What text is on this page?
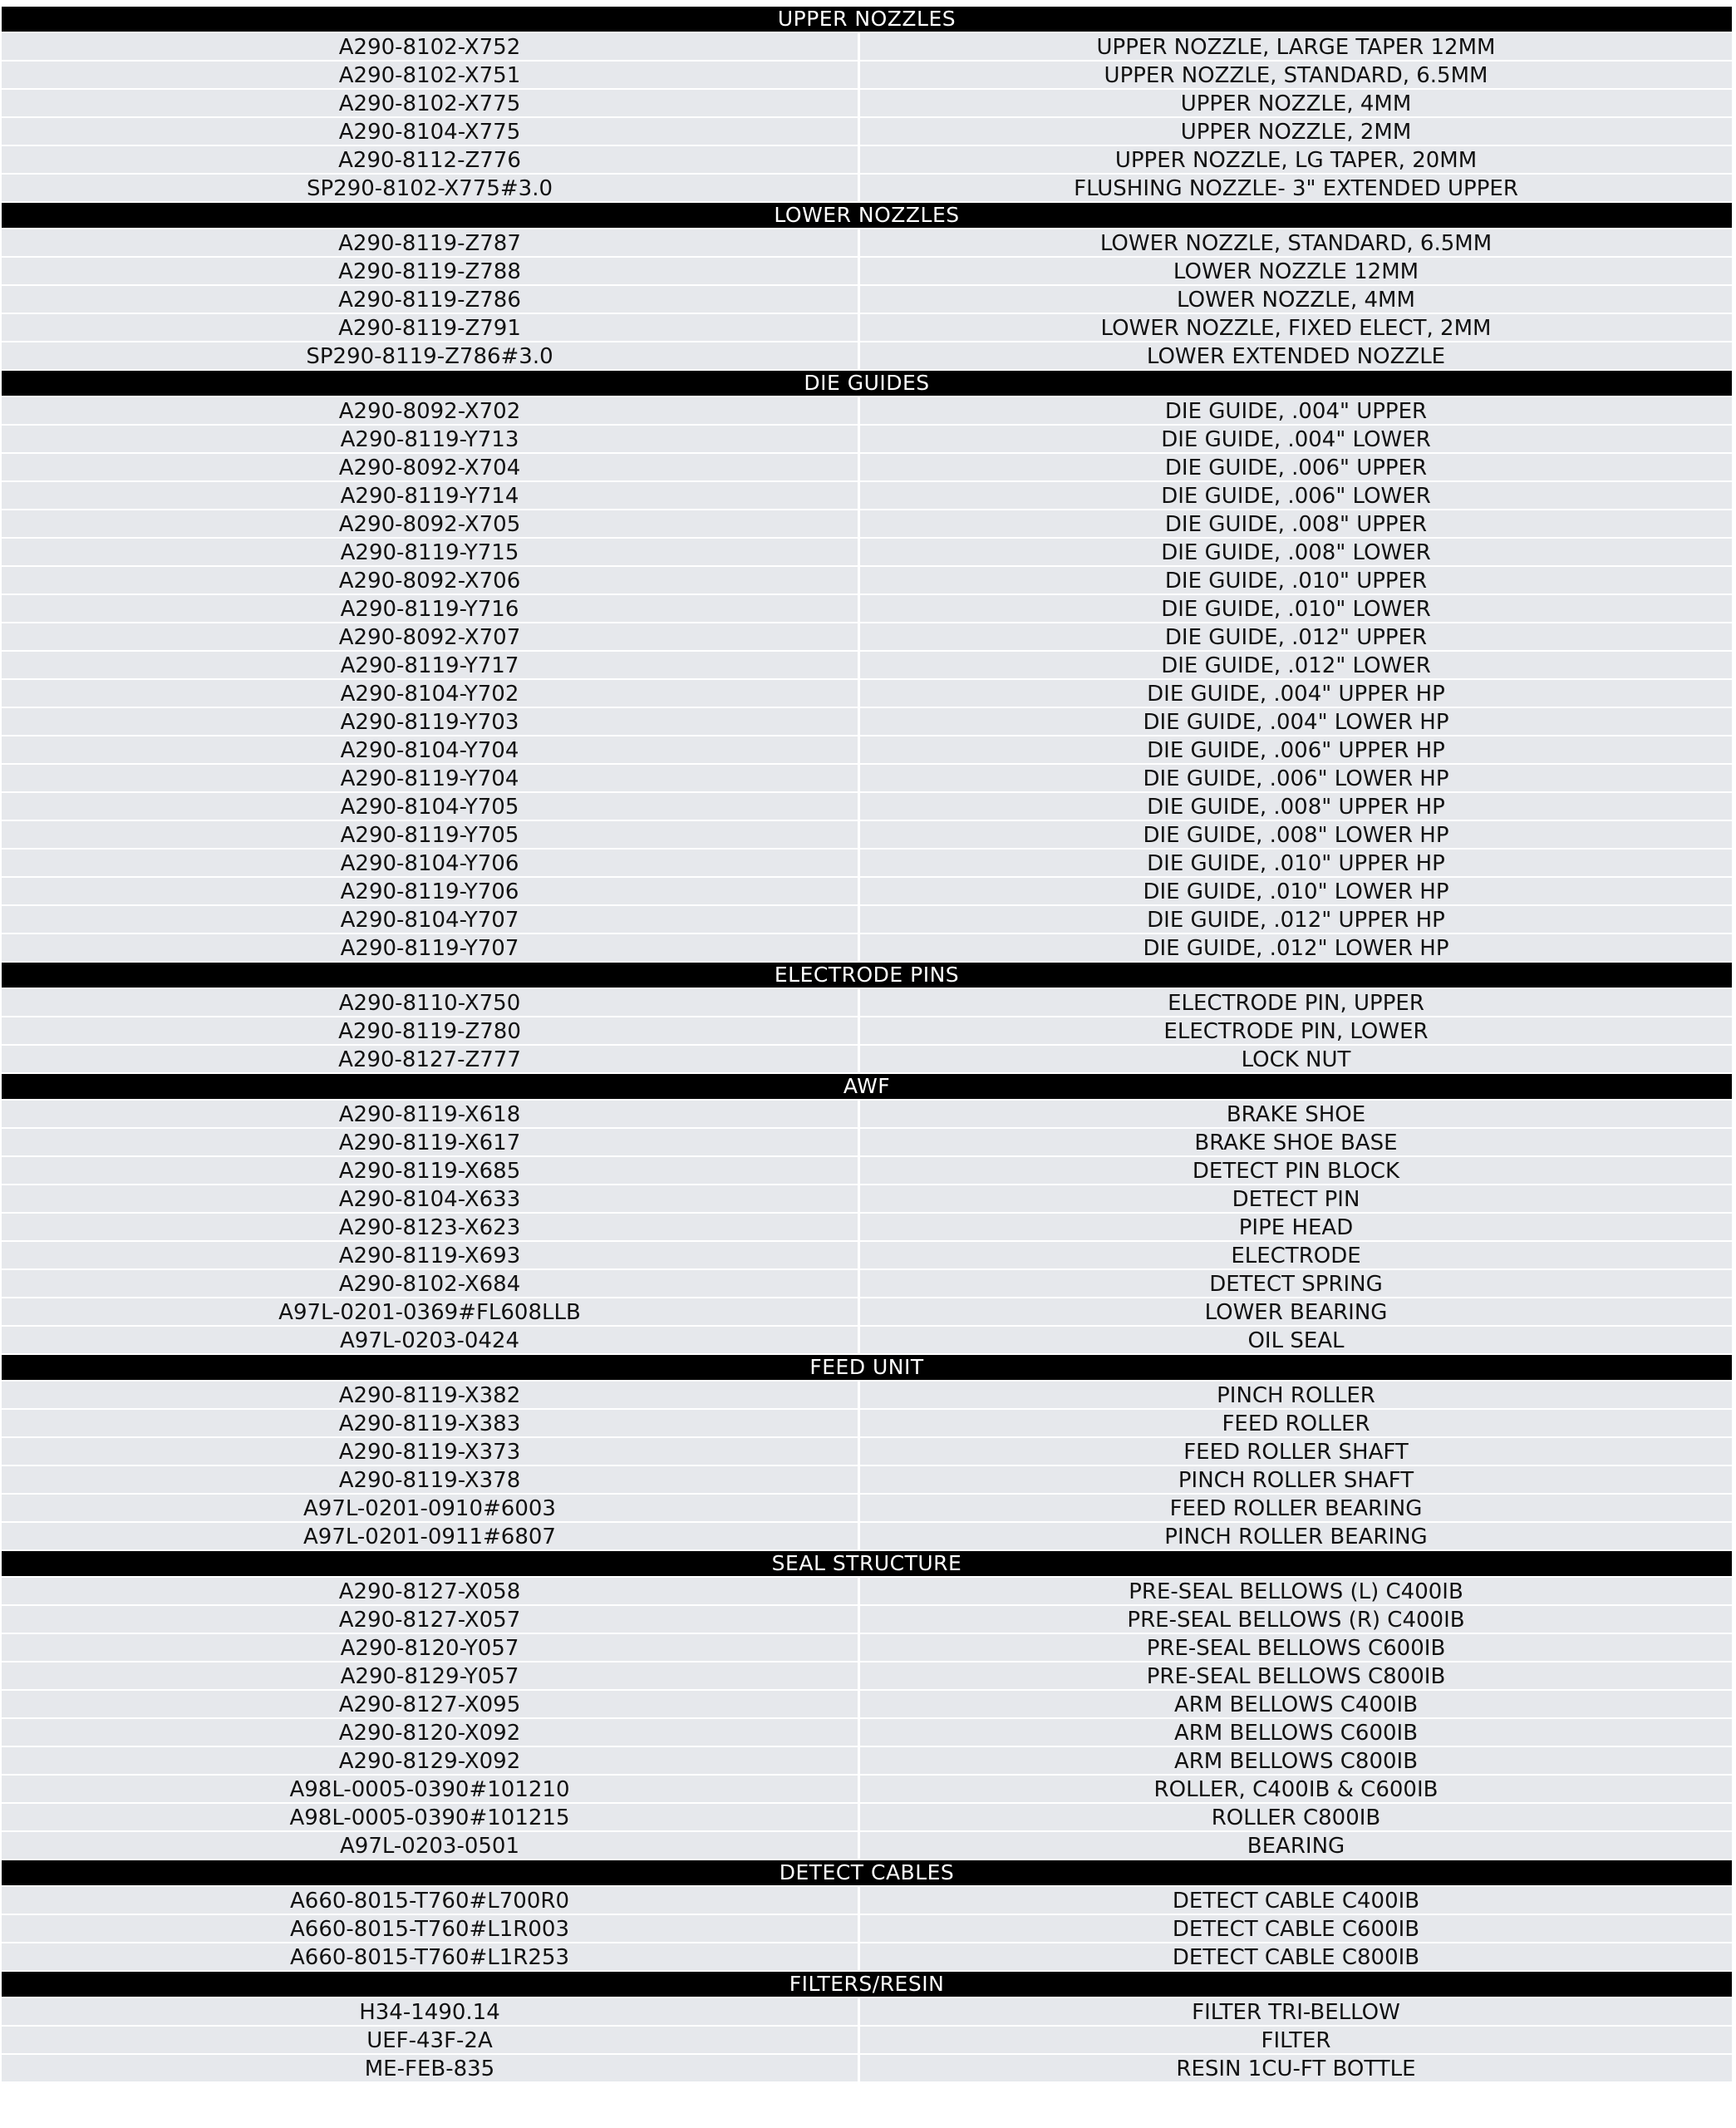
UPPER NOZZLES
A290-8102-X752	UPPER NOZZLE, LARGE TAPER 12MM
A290-8102-X751	UPPER NOZZLE, STANDARD, 6.5MM
A290-8102-X775	UPPER NOZZLE, 4MM
A290-8104-X775	UPPER NOZZLE, 2MM
A290-8112-Z776	UPPER NOZZLE, LG TAPER, 20MM
SP290-8102-X775#3.0	FLUSHING NOZZLE- 3" EXTENDED UPPER
LOWER NOZZLES
A290-8119-Z787	LOWER NOZZLE, STANDARD, 6.5MM
A290-8119-Z788	LOWER NOZZLE 12MM
A290-8119-Z786	LOWER NOZZLE, 4MM
A290-8119-Z791	LOWER NOZZLE, FIXED ELECT, 2MM
SP290-8119-Z786#3.0	LOWER EXTENDED NOZZLE
DIE GUIDES
A290-8092-X702	DIE GUIDE, .004" UPPER
A290-8119-Y713	DIE GUIDE, .004" LOWER
A290-8092-X704	DIE GUIDE, .006" UPPER
A290-8119-Y714	DIE GUIDE, .006" LOWER
A290-8092-X705	DIE GUIDE, .008" UPPER
A290-8119-Y715	DIE GUIDE, .008" LOWER
A290-8092-X706	DIE GUIDE, .010" UPPER
A290-8119-Y716	DIE GUIDE, .010" LOWER
A290-8092-X707	DIE GUIDE, .012" UPPER
A290-8119-Y717	DIE GUIDE, .012" LOWER
A290-8104-Y702	DIE GUIDE, .004" UPPER HP
A290-8119-Y703	DIE GUIDE, .004" LOWER HP
A290-8104-Y704	DIE GUIDE, .006" UPPER HP
A290-8119-Y704	DIE GUIDE, .006" LOWER HP
A290-8104-Y705	DIE GUIDE, .008" UPPER HP
A290-8119-Y705	DIE GUIDE, .008" LOWER HP
A290-8104-Y706	DIE GUIDE, .010" UPPER HP
A290-8119-Y706	DIE GUIDE, .010" LOWER HP
A290-8104-Y707	DIE GUIDE, .012" UPPER HP
A290-8119-Y707	DIE GUIDE, .012" LOWER HP
ELECTRODE PINS
A290-8110-X750	ELECTRODE PIN, UPPER
A290-8119-Z780	ELECTRODE PIN, LOWER
A290-8127-Z777	LOCK NUT
AWF
A290-8119-X618	BRAKE SHOE
A290-8119-X617	BRAKE SHOE BASE
A290-8119-X685	DETECT PIN BLOCK
A290-8104-X633	DETECT PIN
A290-8123-X623	PIPE HEAD
A290-8119-X693	ELECTRODE
A290-8102-X684	DETECT SPRING
A97L-0201-0369#FL608LLB	LOWER BEARING
A97L-0203-0424	OIL SEAL
FEED UNIT
A290-8119-X382	PINCH ROLLER
A290-8119-X383	FEED ROLLER
A290-8119-X373	FEED ROLLER SHAFT
A290-8119-X378	PINCH ROLLER SHAFT
A97L-0201-0910#6003	FEED ROLLER BEARING
A97L-0201-0911#6807	PINCH ROLLER BEARING
SEAL STRUCTURE
A290-8127-X058	PRE-SEAL BELLOWS (L) C400IB
A290-8127-X057	PRE-SEAL BELLOWS (R) C400IB
A290-8120-Y057	PRE-SEAL BELLOWS C600IB
A290-8129-Y057	PRE-SEAL BELLOWS C800IB
A290-8127-X095	ARM BELLOWS C400IB
A290-8120-X092	ARM BELLOWS C600IB
A290-8129-X092	ARM BELLOWS C800IB
A98L-0005-0390#101210	ROLLER, C400IB & C600IB
A98L-0005-0390#101215	ROLLER C800IB
A97L-0203-0501	BEARING
DETECT CABLES
A660-8015-T760#L700R0	DETECT CABLE C400IB
A660-8015-T760#L1R003	DETECT CABLE C600IB
A660-8015-T760#L1R253	DETECT CABLE C800IB
FILTERS/RESIN
H34-1490.14	FILTER TRI-BELLOW
UEF-43F-2A	FILTER
ME-FEB-835	RESIN 1CU-FT BOTTLE
